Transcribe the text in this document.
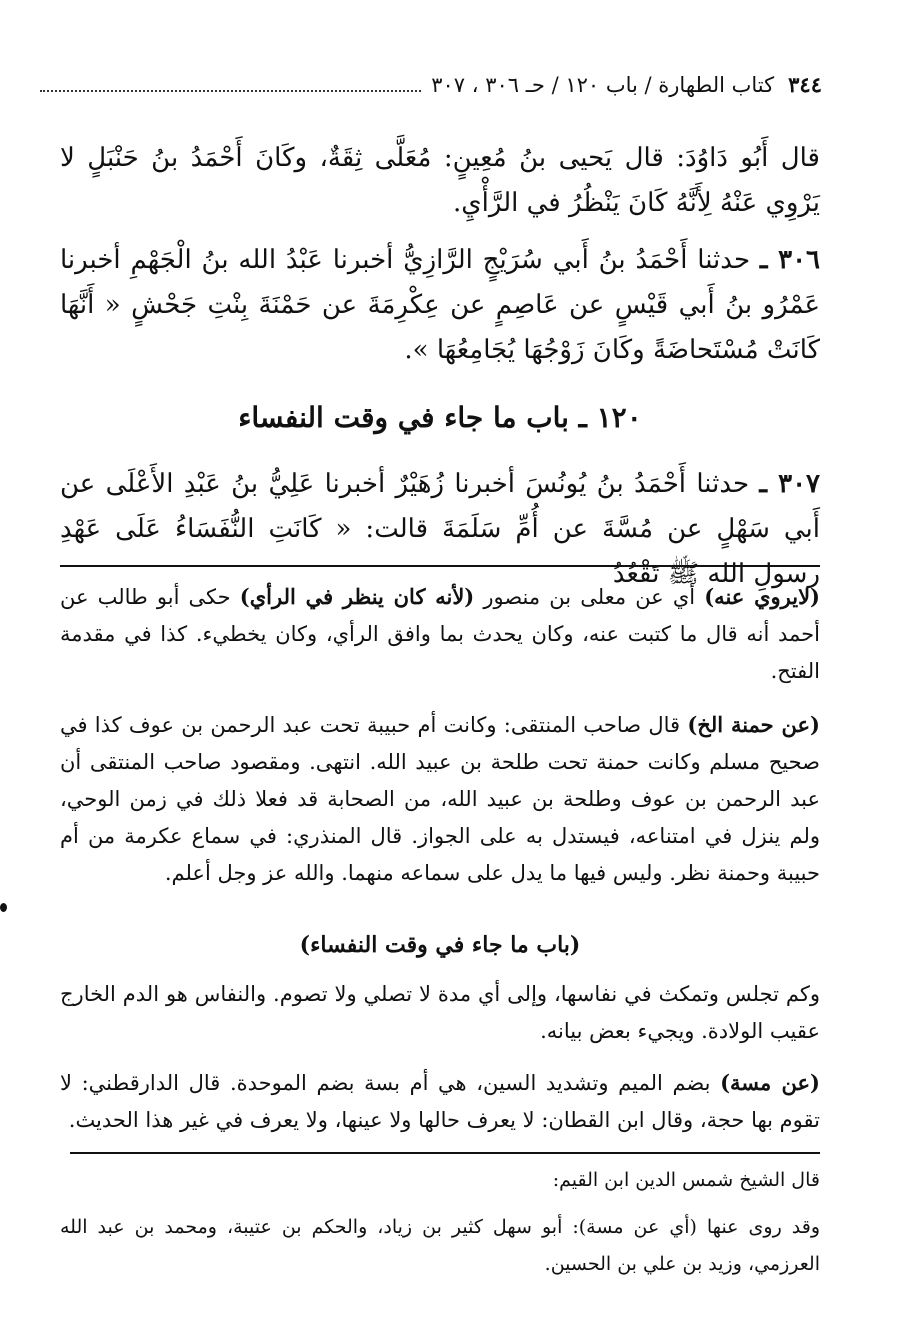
٣٤٤
كتاب الطهارة / باب ١٢٠ / حـ ٣٠٦ ، ٣٠٧

قال أَبُو دَاوُدَ: قال يَحيى بنُ مُعِينٍ: مُعَلَّى ثِقَةٌ، وكَانَ أَحْمَدُ بنُ حَنْبَلٍ لا يَرْوِي عَنْهُ لِأَنَّهُ كَانَ يَنْظُرُ في الرَّأْيِ.

٣٠٦ ـ حدثنا أَحْمَدُ بنُ أَبي سُرَيْجٍ الرَّازِيُّ أخبرنا عَبْدُ الله بنُ الْجَهْمِ أخبرنا عَمْرُو بنُ أَبي قَيْسٍ عن عَاصِمٍ عن عِكْرِمَةَ عن حَمْنَةَ بِنْتِ جَحْشٍ « أَنَّهَا كَانَتْ مُسْتَحاضَةً وكَانَ زَوْجُهَا يُجَامِعُهَا ».

١٢٠ ـ باب ما جاء في وقت النفساء

٣٠٧ ـ حدثنا أَحْمَدُ بنُ يُونُسَ أخبرنا زُهَيْرٌ أخبرنا عَلِيُّ بنُ عَبْدِ الأَعْلَى عن أَبي سَهْلٍ عن مُسَّةَ عن أُمِّ سَلَمَةَ قالت: « كَانَتِ النُّفَسَاءُ عَلَى عَهْدِ رسولِ الله ﷺ تَقْعُدُ

(لايروي عنه) أي عن معلى بن منصور (لأنه كان ينظر في الرأي) حكى أبو طالب عن أحمد أنه قال ما كتبت عنه، وكان يحدث بما وافق الرأي، وكان يخطيء. كذا في مقدمة الفتح.

(عن حمنة الخ) قال صاحب المنتقى: وكانت أم حبيبة تحت عبد الرحمن بن عوف كذا في صحيح مسلم وكانت حمنة تحت طلحة بن عبيد الله. انتهى. ومقصود صاحب المنتقى أن عبد الرحمن بن عوف وطلحة بن عبيد الله، من الصحابة قد فعلا ذلك في زمن الوحي، ولم ينزل في امتناعه، فيستدل به على الجواز. قال المنذري: في سماع عكرمة من أم حبيبة وحمنة نظر. وليس فيها ما يدل على سماعه منهما. والله عز وجل أعلم.

(باب ما جاء في وقت النفساء)

وكم تجلس وتمكث في نفاسها، وإلى أي مدة لا تصلي ولا تصوم. والنفاس هو الدم الخارج عقيب الولادة. ويجيء بعض بيانه.

(عن مسة) بضم الميم وتشديد السين، هي أم بسة بضم الموحدة. قال الدارقطني: لا تقوم بها حجة، وقال ابن القطان: لا يعرف حالها ولا عينها، ولا يعرف في غير هذا الحديث.

قال الشيخ شمس الدين ابن القيم:

وقد روى عنها (أي عن مسة): أبو سهل كثير بن زياد، والحكم بن عتيبة، ومحمد بن عبد الله العرزمي، وزيد بن علي بن الحسين.
